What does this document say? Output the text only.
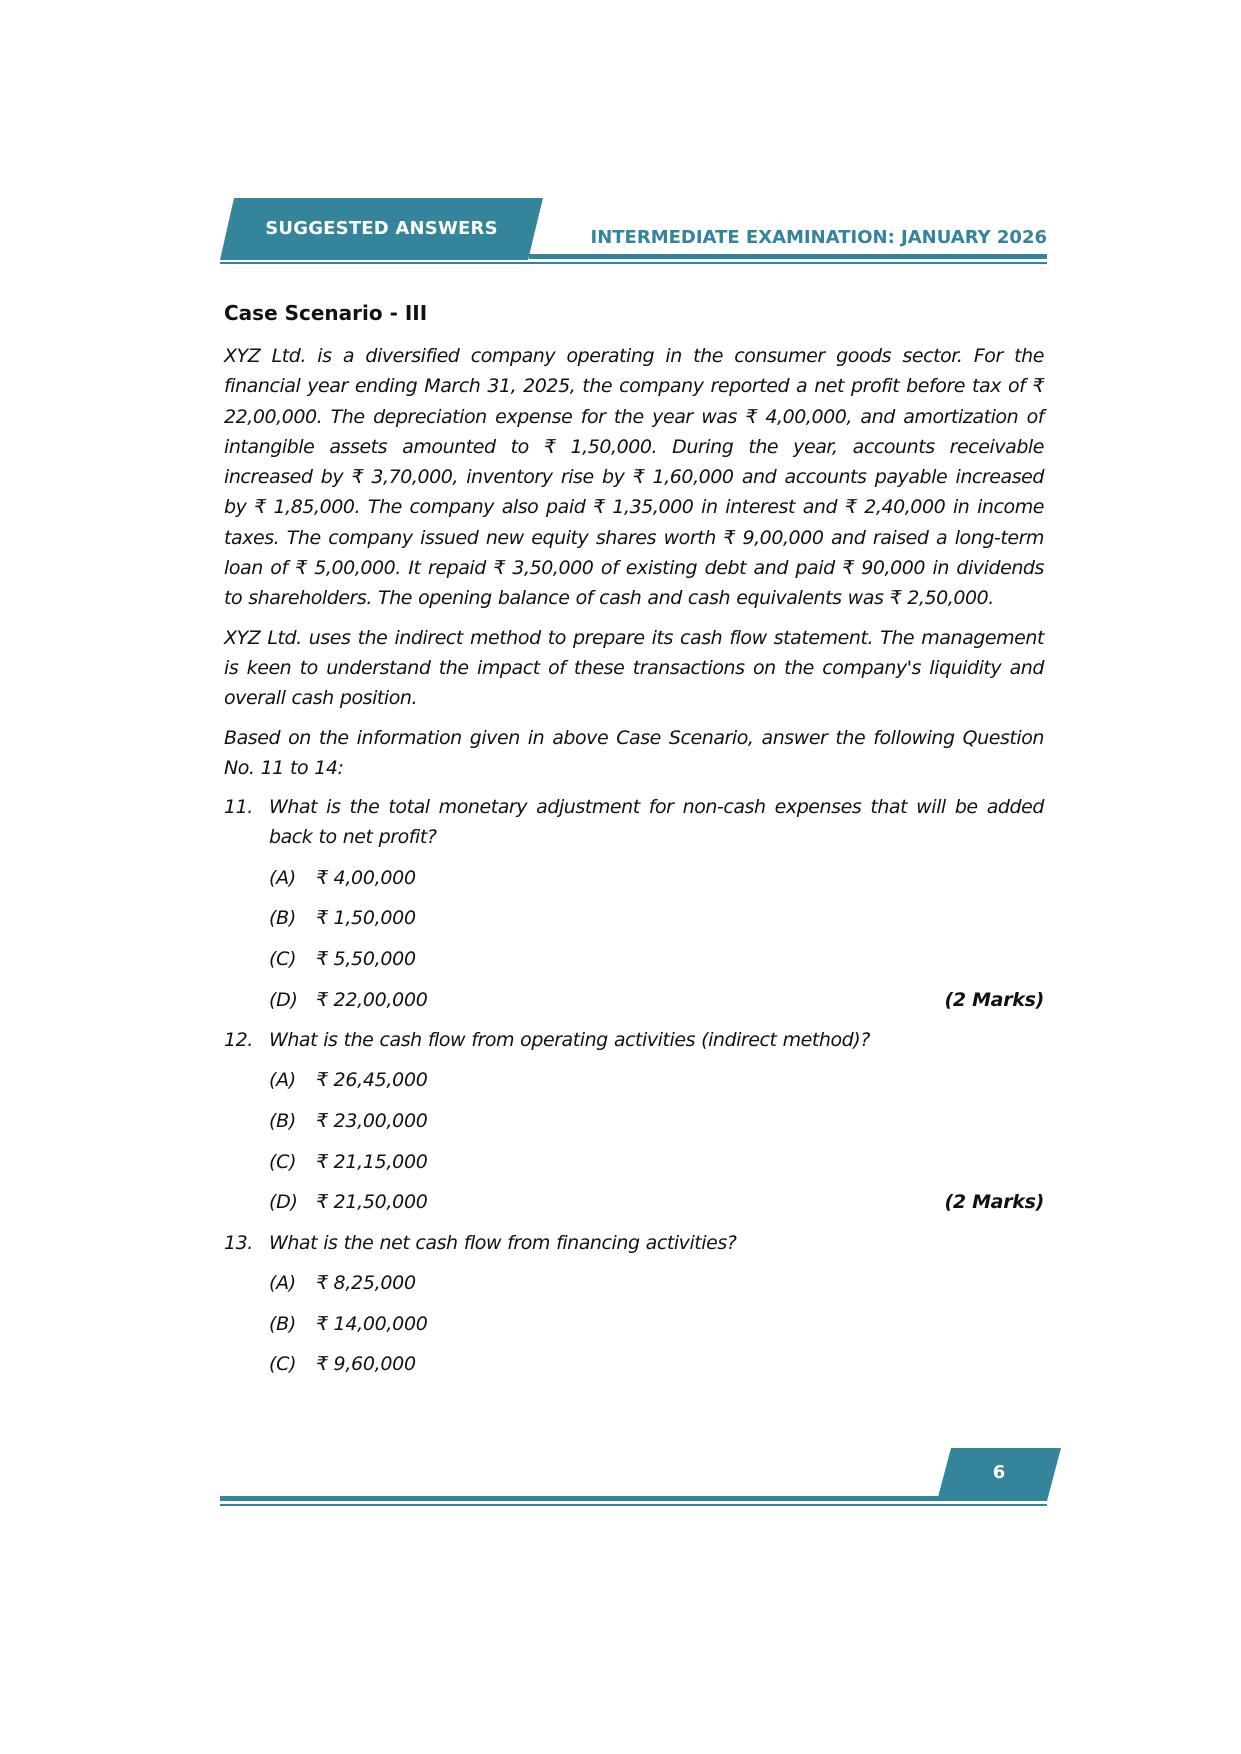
SUGGESTED ANSWERS	INTERMEDIATE EXAMINATION: JANUARY 2026
Case Scenario - III

XYZ Ltd. is a diversified company operating in the consumer goods sector. For the financial year ending March 31, 2025, the company reported a net profit before tax of ₹ 22,00,000. The depreciation expense for the year was ₹ 4,00,000, and amortization of intangible assets amounted to ₹ 1,50,000. During the year, accounts receivable increased by ₹ 3,70,000, inventory rise by ₹ 1,60,000 and accounts payable increased by ₹ 1,85,000. The company also paid ₹ 1,35,000 in interest and ₹ 2,40,000 in income taxes. The company issued new equity shares worth ₹ 9,00,000 and raised a long-term loan of ₹ 5,00,000. It repaid ₹ 3,50,000 of existing debt and paid ₹ 90,000 in dividends to shareholders. The opening balance of cash and cash equivalents was ₹ 2,50,000.

XYZ Ltd. uses the indirect method to prepare its cash flow statement. The management is keen to understand the impact of these transactions on the company's liquidity and overall cash position.

Based on the information given in above Case Scenario, answer the following Question No. 11 to 14:

11. What is the total monetary adjustment for non-cash expenses that will be added back to net profit?
(A) ₹ 4,00,000
(B) ₹ 1,50,000
(C) ₹ 5,50,000
(D) ₹ 22,00,000	(2 Marks)
12. What is the cash flow from operating activities (indirect method)?
(A) ₹ 26,45,000
(B) ₹ 23,00,000
(C) ₹ 21,15,000
(D) ₹ 21,50,000	(2 Marks)
13. What is the net cash flow from financing activities?
(A) ₹ 8,25,000
(B) ₹ 14,00,000
(C) ₹ 9,60,000
6
